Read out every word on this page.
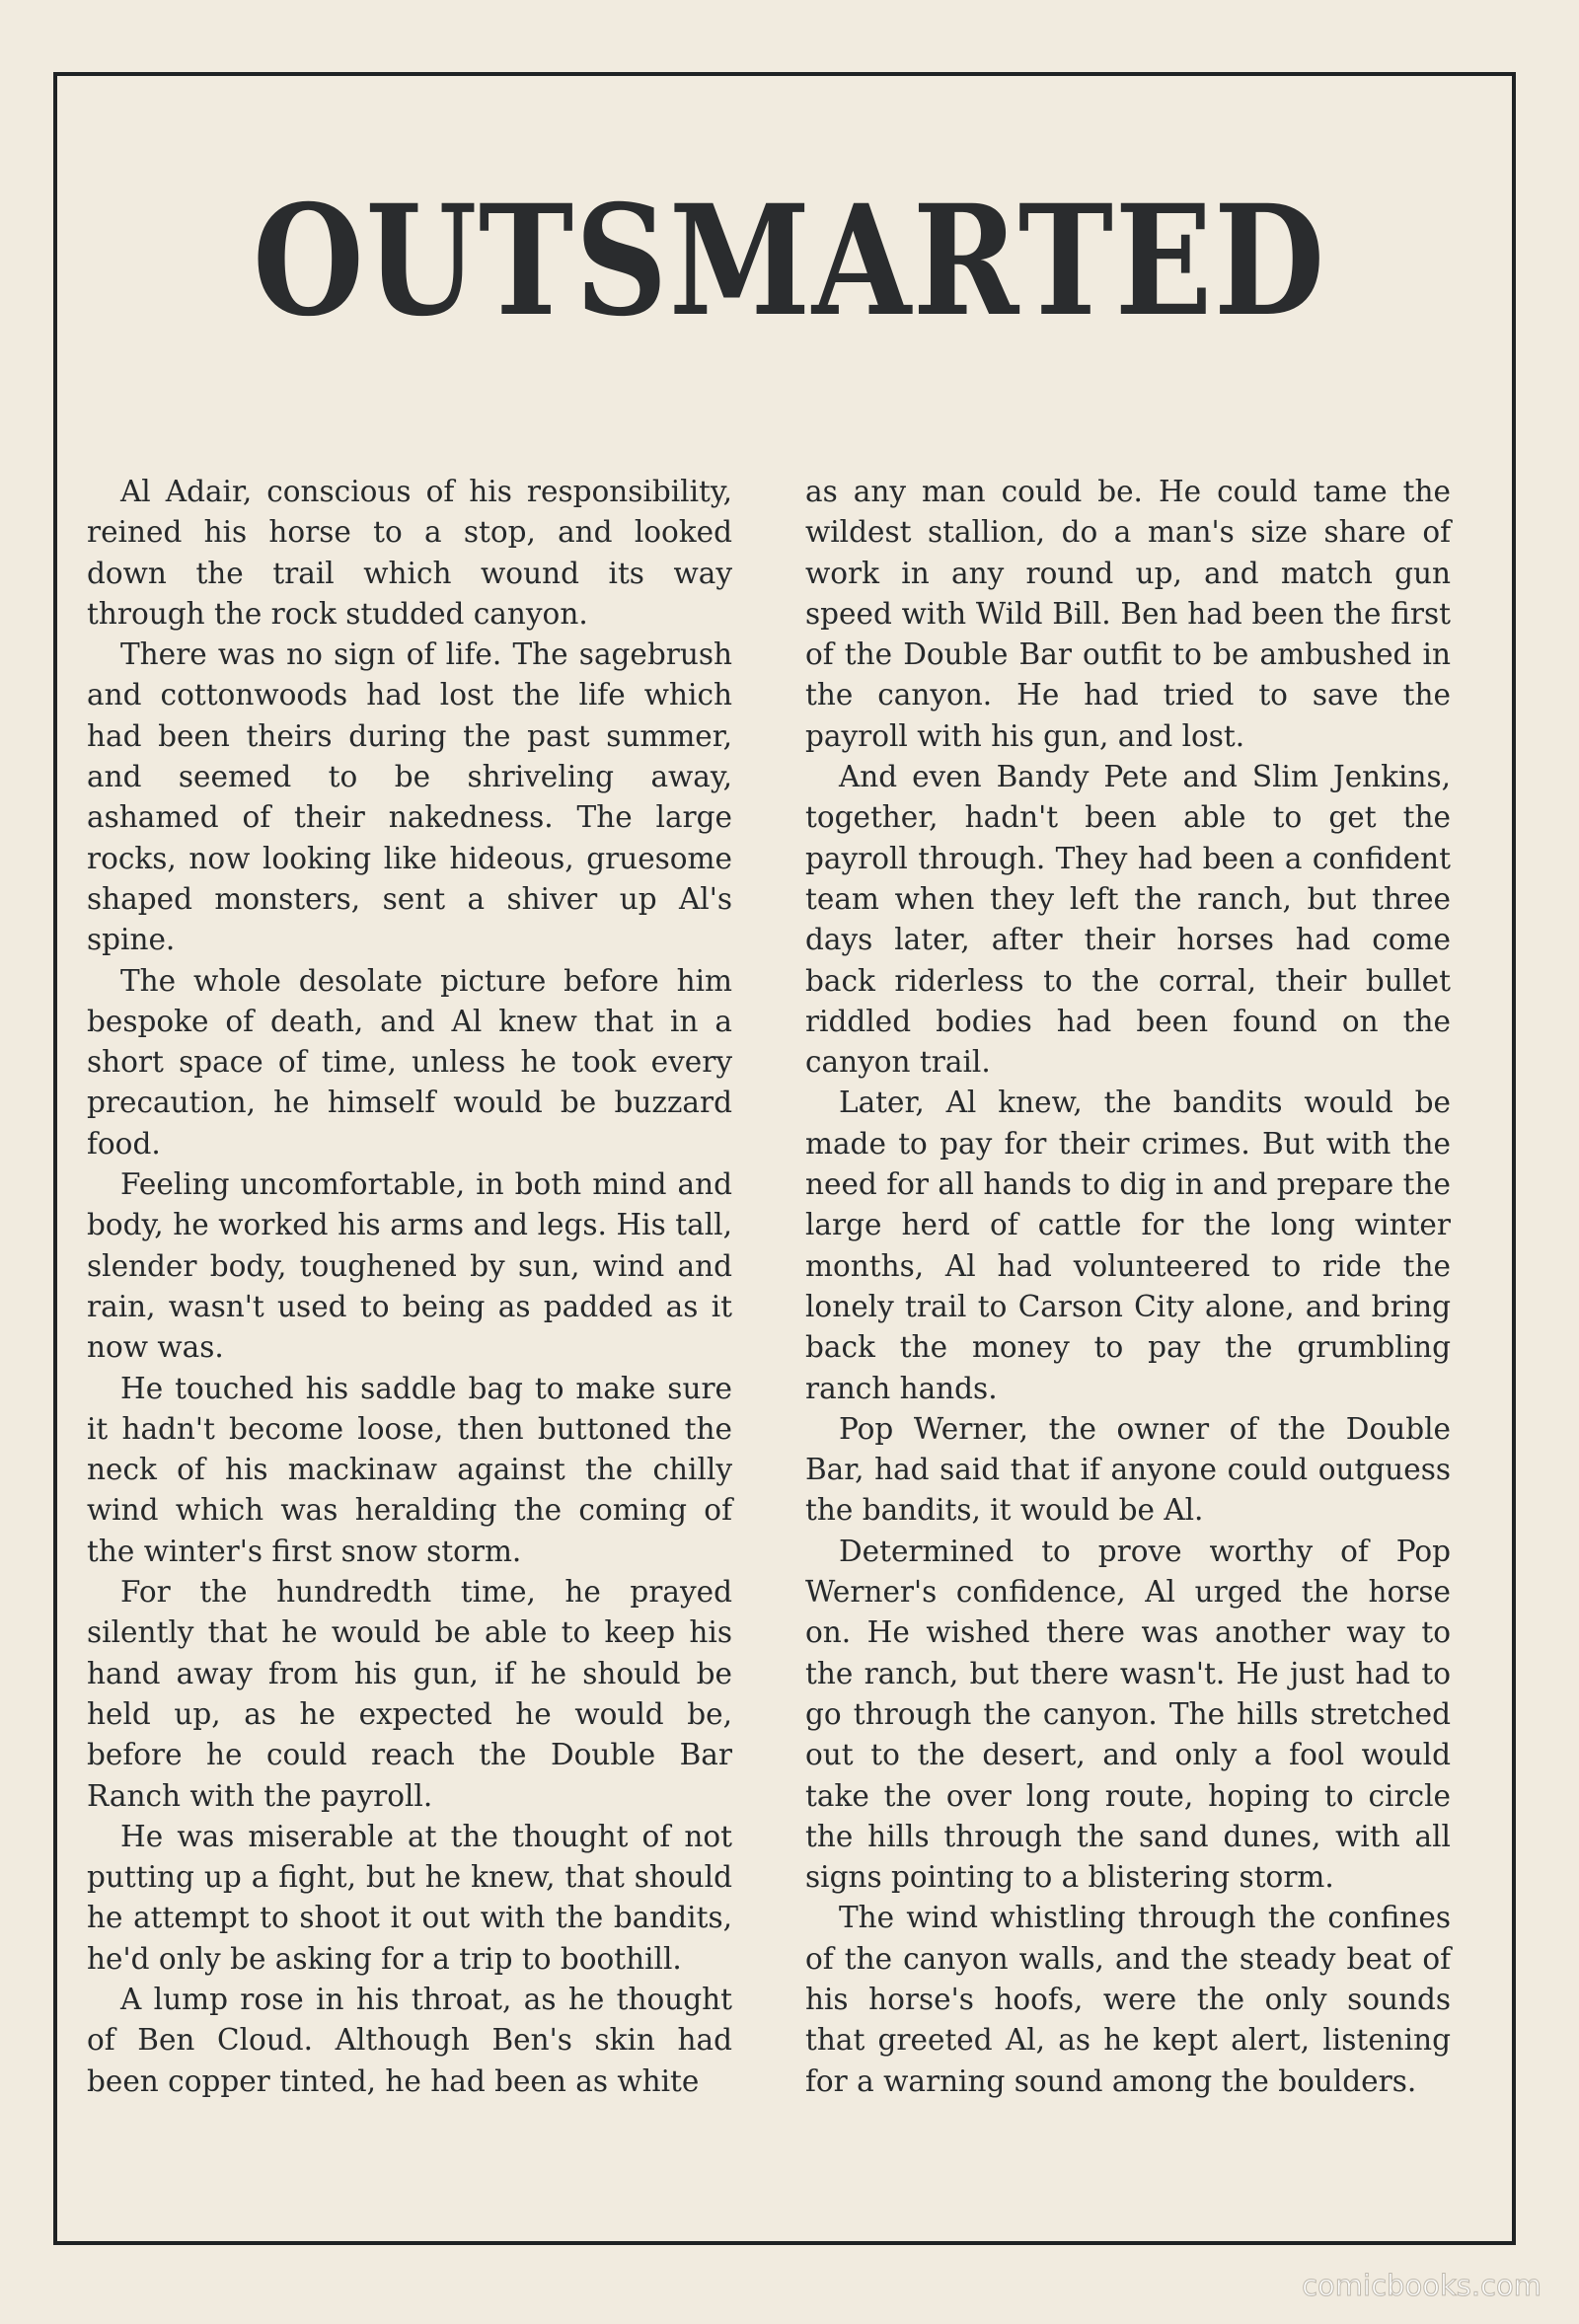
OUTSMARTED

Al Adair, conscious of his responsibility, reined his horse to a stop, and looked down the trail which wound its way through the rock studded canyon.

There was no sign of life. The sagebrush and cottonwoods had lost the life which had been theirs during the past summer, and seemed to be shriveling away, ashamed of their nakedness. The large rocks, now looking like hideous, gruesome shaped monsters, sent a shiver up Al's spine.

The whole desolate picture before him bespoke of death, and Al knew that in a short space of time, unless he took every precaution, he himself would be buzzard food.

Feeling uncomfortable, in both mind and body, he worked his arms and legs. His tall, slender body, toughened by sun, wind and rain, wasn't used to being as padded as it now was.

He touched his saddle bag to make sure it hadn't become loose, then buttoned the neck of his mackinaw against the chilly wind which was heralding the coming of the winter's first snow storm.

For the hundredth time, he prayed silently that he would be able to keep his hand away from his gun, if he should be held up, as he expected he would be, before he could reach the Double Bar Ranch with the payroll.

He was miserable at the thought of not putting up a fight, but he knew, that should he attempt to shoot it out with the bandits, he'd only be asking for a trip to boothill.

A lump rose in his throat, as he thought of Ben Cloud. Although Ben's skin had been copper tinted, he had been as white

as any man could be. He could tame the wildest stallion, do a man's size share of work in any round up, and match gun speed with Wild Bill. Ben had been the first of the Double Bar outfit to be ambushed in the canyon. He had tried to save the payroll with his gun, and lost.

And even Bandy Pete and Slim Jenkins, together, hadn't been able to get the payroll through. They had been a confident team when they left the ranch, but three days later, after their horses had come back riderless to the corral, their bullet riddled bodies had been found on the canyon trail.

Later, Al knew, the bandits would be made to pay for their crimes. But with the need for all hands to dig in and prepare the large herd of cattle for the long winter months, Al had volunteered to ride the lonely trail to Carson City alone, and bring back the money to pay the grumbling ranch hands.

Pop Werner, the owner of the Double Bar, had said that if anyone could outguess the bandits, it would be Al.

Determined to prove worthy of Pop Werner's confidence, Al urged the horse on. He wished there was another way to the ranch, but there wasn't. He just had to go through the canyon. The hills stretched out to the desert, and only a fool would take the over long route, hoping to circle the hills through the sand dunes, with all signs pointing to a blistering storm.

The wind whistling through the confines of the canyon walls, and the steady beat of his horse's hoofs, were the only sounds that greeted Al, as he kept alert, listening for a warning sound among the boulders.

comicbooks.com
